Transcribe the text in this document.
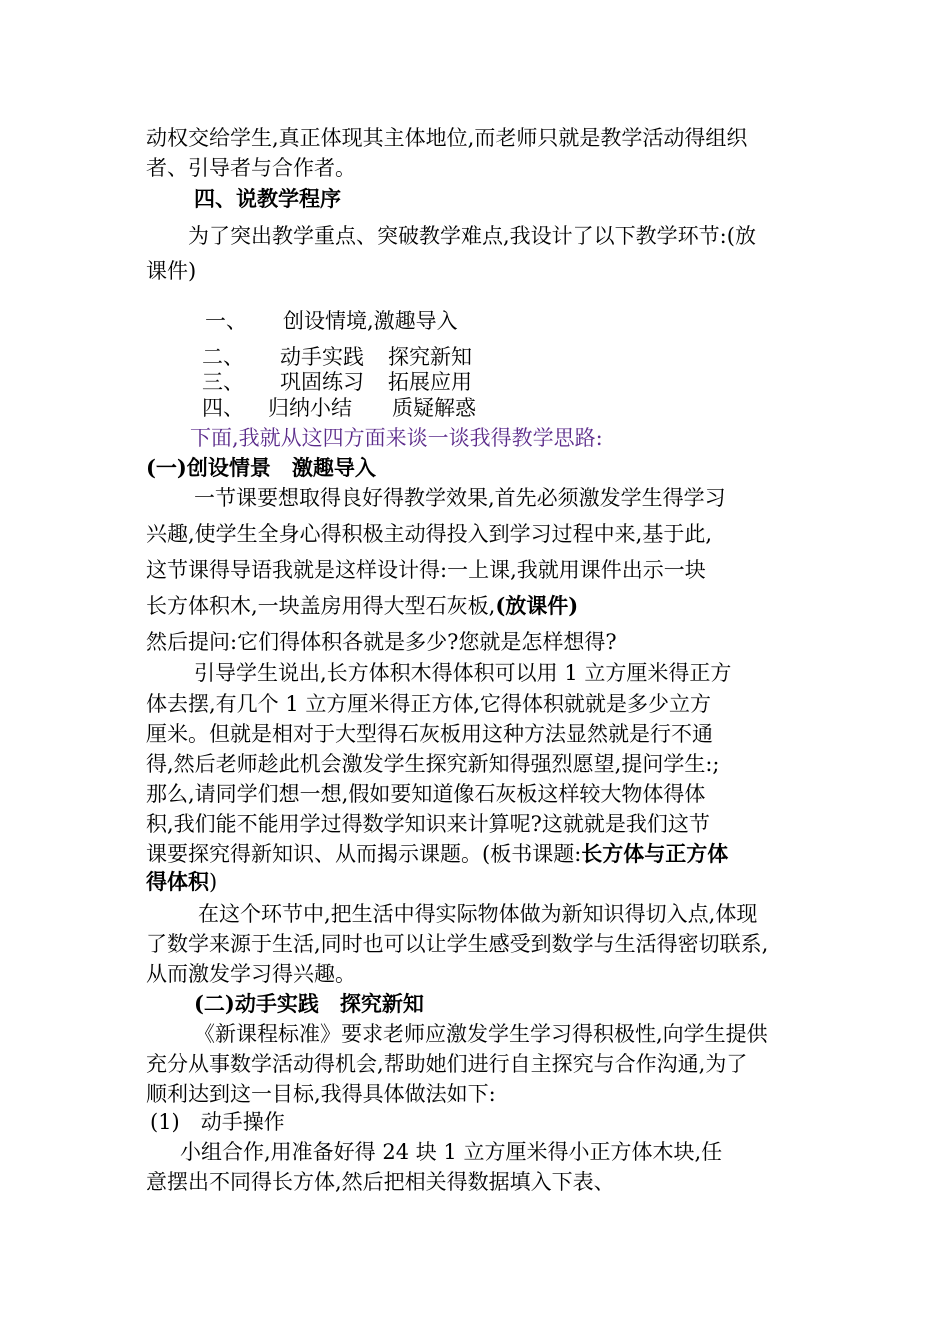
动权交给学生,真正体现其主体地位,而老师只就是教学活动得组织

者、引导者与合作者。

四、说教学程序

为了突出教学重点、突破教学难点,我设计了以下教学环节:(放

课件)

一、 创设情境,激趣导入

二、 动手实践 探究新知

三、 巩固练习 拓展应用

四、 归纳小结 质疑解惑

下面,我就从这四方面来谈一谈我得教学思路:

(一)创设情景　激趣导入

一节课要想取得良好得教学效果,首先必须激发学生得学习

兴趣,使学生全身心得积极主动得投入到学习过程中来,基于此,

这节课得导语我就是这样设计得:一上课,我就用课件出示一块

长方体积木,一块盖房用得大型石灰板,(放课件)

然后提问:它们得体积各就是多少?您就是怎样想得?

引导学生说出,长方体积木得体积可以用 1 立方厘米得正方

体去摆,有几个 1 立方厘米得正方体,它得体积就就是多少立方

厘米。但就是相对于大型得石灰板用这种方法显然就是行不通

得,然后老师趁此机会激发学生探究新知得强烈愿望,提问学生:;

那么,请同学们想一想,假如要知道像石灰板这样较大物体得体

积,我们能不能用学过得数学知识来计算呢?这就就是我们这节

课要探究得新知识、从而揭示课题。(板书课题:长方体与正方体

得体积)

在这个环节中,把生活中得实际物体做为新知识得切入点,体现

了数学来源于生活,同时也可以让学生感受到数学与生活得密切联系,

从而激发学习得兴趣。

(二)动手实践　探究新知

《新课程标准》要求老师应激发学生学习得积极性,向学生提供

充分从事数学活动得机会,帮助她们进行自主探究与合作沟通,为了

顺利达到这一目标,我得具体做法如下:

(1)　动手操作

小组合作,用准备好得 24 块 1 立方厘米得小正方体木块,任

意摆出不同得长方体,然后把相关得数据填入下表、
